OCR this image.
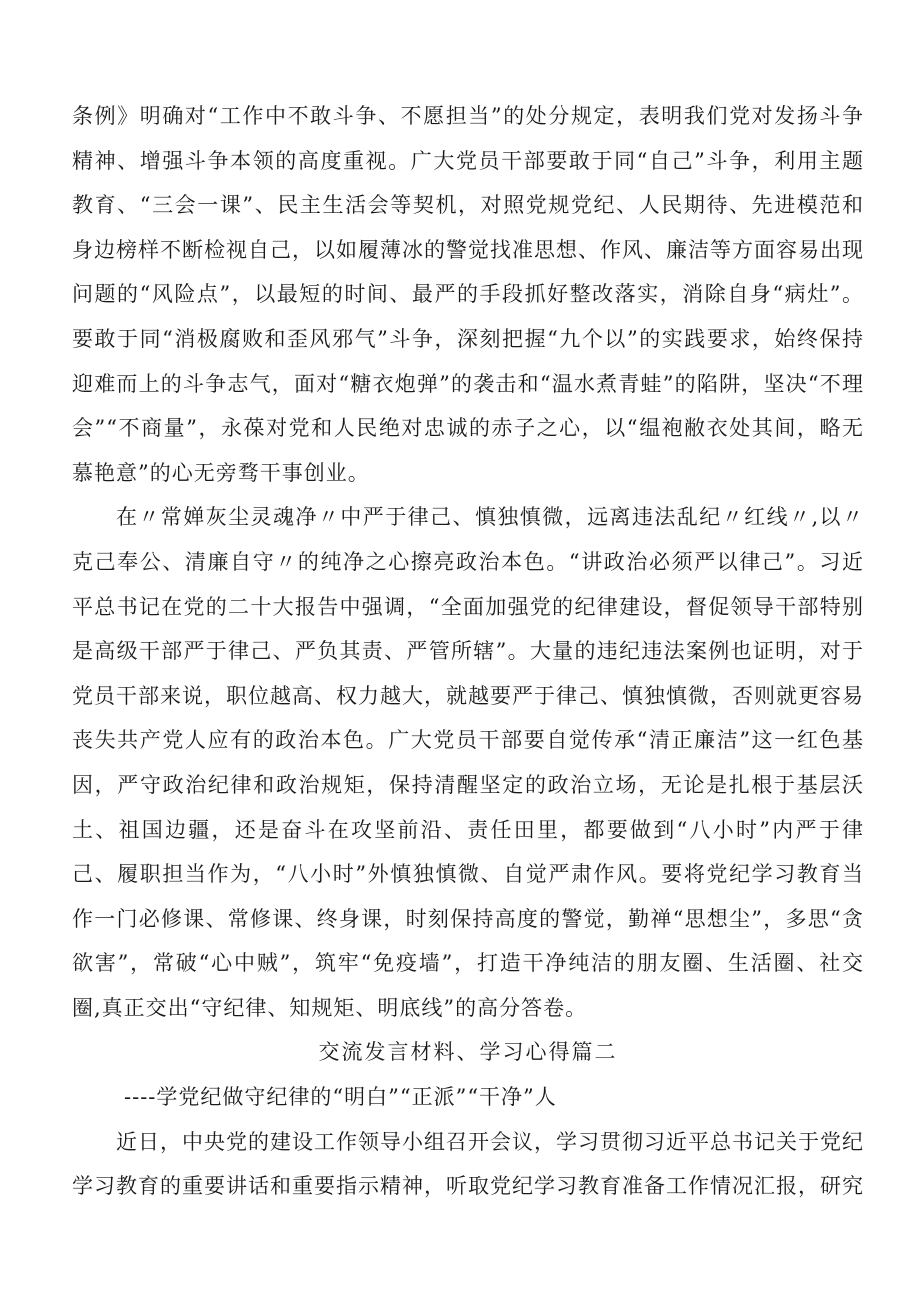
条例》明确对“工作中不敢斗争、不愿担当”的处分规定，表明我们党对发扬斗争精神、增强斗争本领的高度重视。广大党员干部要敢于同“自己”斗争，利用主题教育、“三会一课”、民主生活会等契机，对照党规党纪、人民期待、先进模范和身边榜样不断检视自己，以如履薄冰的警觉找准思想、作风、廉洁等方面容易出现问题的“风险点”，以最短的时间、最严的手段抓好整改落实，消除自身“病灶”。要敢于同“消极腐败和歪风邪气”斗争，深刻把握“九个以”的实践要求，始终保持迎难而上的斗争志气，面对“糖衣炮弹”的袭击和“温水煮青蛙”的陷阱，坚决“不理会”“不商量”，永葆对党和人民绝对忠诚的赤子之心，以“缊袍敝衣处其间，略无慕艳意”的心无旁骛干事创业。

在〃常婵灰尘灵魂净〃中严于律己、慎独慎微，远离违法乱纪〃红线〃,以〃克己奉公、清廉自守〃的纯净之心擦亮政治本色。“讲政治必须严以律己”。习近平总书记在党的二十大报告中强调，“全面加强党的纪律建设，督促领导干部特别是高级干部严于律己、严负其责、严管所辖”。大量的违纪违法案例也证明，对于党员干部来说，职位越高、权力越大，就越要严于律己、慎独慎微，否则就更容易丧失共产党人应有的政治本色。广大党员干部要自觉传承“清正廉洁”这一红色基因，严守政治纪律和政治规矩，保持清醒坚定的政治立场，无论是扎根于基层沃土、祖国边疆，还是奋斗在攻坚前沿、责任田里，都要做到“八小时”内严于律己、履职担当作为，“八小时”外慎独慎微、自觉严肃作风。要将党纪学习教育当作一门必修课、常修课、终身课，时刻保持高度的警觉，勤禅“思想尘”，多思“贪欲害”，常破“心中贼”，筑牢“免疫墙”，打造干净纯洁的朋友圈、生活圈、社交圈,真正交出“守纪律、知规矩、明底线”的高分答卷。

交流发言材料、学习心得篇二

----学党纪做守纪律的“明白”“正派”“干净”人

近日，中央党的建设工作领导小组召开会议，学习贯彻习近平总书记关于党纪学习教育的重要讲话和重要指示精神，听取党纪学习教育准备工作情况汇报，研究
